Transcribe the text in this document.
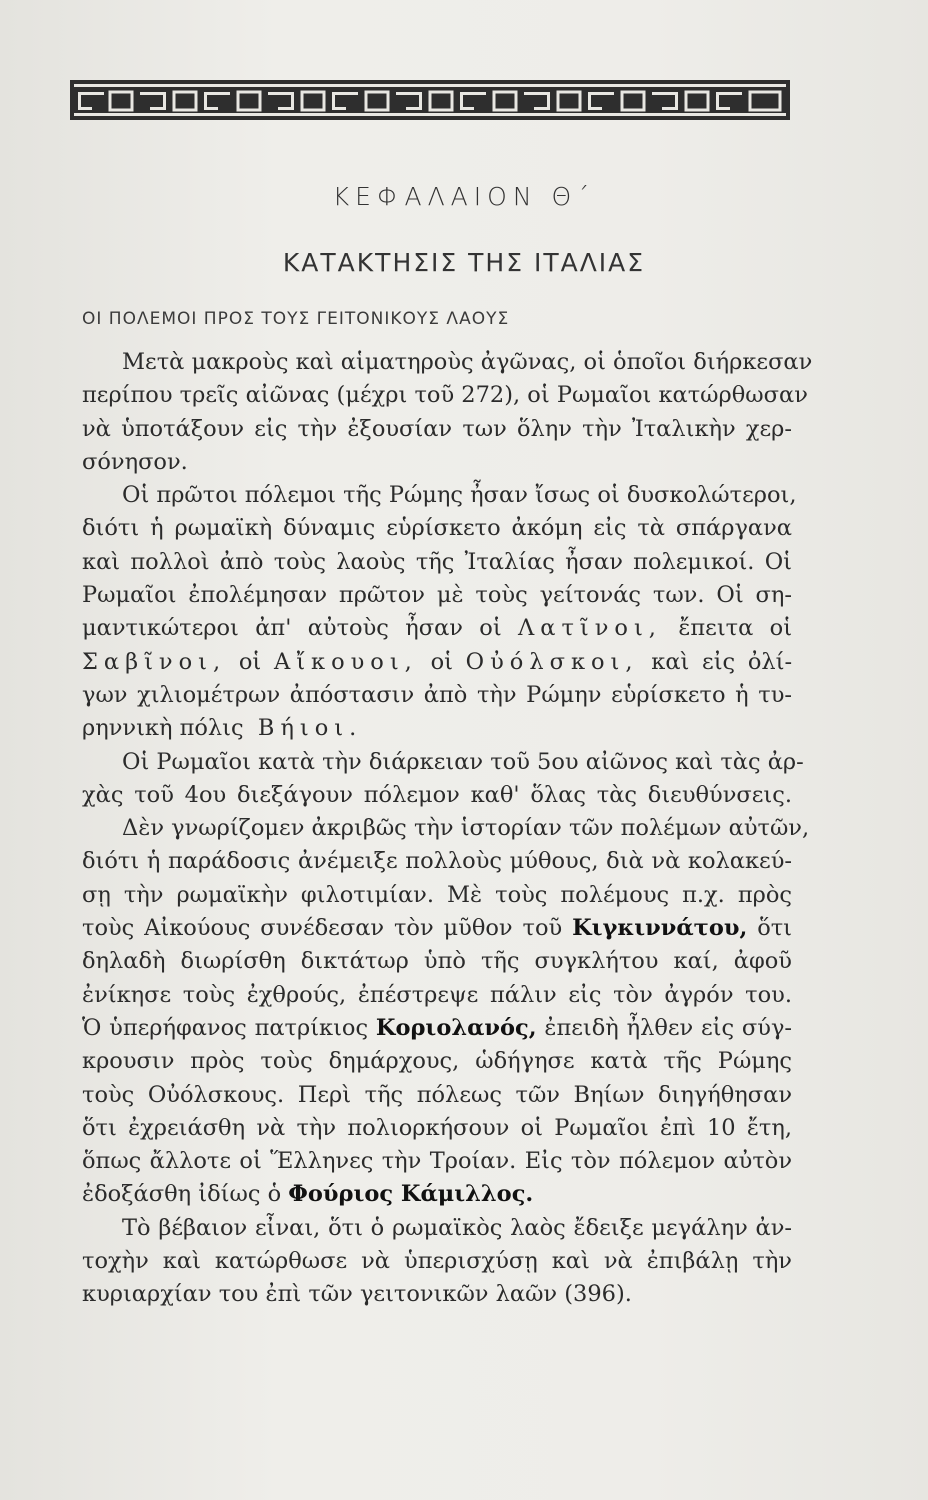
ΚΕΦΑΛΑΙΟΝ Θ΄
ΚΑΤΑΚΤΗΣΙΣ ΤΗΣ ΙΤΑΛΙΑΣ
ΟΙ ΠΟΛΕΜΟΙ ΠΡΟΣ ΤΟΥΣ ΓΕΙΤΟΝΙΚΟΥΣ ΛΑΟΥΣ
Μετὰ μακροὺς καὶ αἱματηροὺς ἀγῶνας, οἱ ὁποῖοι διήρκεσαν
περίπου τρεῖς αἰῶνας (μέχρι τοῦ 272), οἱ Ρωμαῖοι κατώρθωσαν
νὰ ὑποτάξουν εἰς τὴν ἐξουσίαν των ὅλην τὴν Ἰταλικὴν χερ-
σόνησον.
Οἱ πρῶτοι πόλεμοι τῆς Ρώμης ἦσαν ἴσως οἱ δυσκολώτεροι,
διότι ἡ ρωμαϊκὴ δύναμις εὑρίσκετο ἀκόμη εἰς τὰ σπάργανα
καὶ πολλοὶ ἀπὸ τοὺς λαοὺς τῆς Ἰταλίας ἦσαν πολεμικοί. Οἱ
Ρωμαῖοι ἐπολέμησαν πρῶτον μὲ τοὺς γείτονάς των. Οἱ ση-
μαντικώτεροι ἀπ' αὐτοὺς ἦσαν οἱ Λατῖνοι, ἔπειτα οἱ
Σαβῖνοι, οἱ Αἴκουοι, οἱ Οὐόλσκοι, καὶ εἰς ὀλί-
γων χιλιομέτρων ἀπόστασιν ἀπὸ τὴν Ρώμην εὑρίσκετο ἡ τυ-
ρηννικὴ πόλις Βήιοι.
Οἱ Ρωμαῖοι κατὰ τὴν διάρκειαν τοῦ 5ου αἰῶνος καὶ τὰς ἀρ-
χὰς τοῦ 4ου διεξάγουν πόλεμον καθ' ὅλας τὰς διευθύνσεις.
Δὲν γνωρίζομεν ἀκριβῶς τὴν ἱστορίαν τῶν πολέμων αὐτῶν,
διότι ἡ παράδοσις ἀνέμειξε πολλοὺς μύθους, διὰ νὰ κολακεύ-
σῃ τὴν ρωμαϊκὴν φιλοτιμίαν. Μὲ τοὺς πολέμους π.χ. πρὸς
τοὺς Αἰκούους συνέδεσαν τὸν μῦθον τοῦ Κιγκιννάτου, ὅτι
δηλαδὴ διωρίσθη δικτάτωρ ὑπὸ τῆς συγκλήτου καί, ἀφοῦ
ἐνίκησε τοὺς ἐχθρούς, ἐπέστρεψε πάλιν εἰς τὸν ἀγρόν του.
Ὁ ὑπερήφανος πατρίκιος Κοριολανός, ἐπειδὴ ἦλθεν εἰς σύγ-
κρουσιν πρὸς τοὺς δημάρχους, ὡδήγησε κατὰ τῆς Ρώμης
τοὺς Οὐόλσκους. Περὶ τῆς πόλεως τῶν Βηίων διηγήθησαν
ὅτι ἐχρειάσθη νὰ τὴν πολιορκήσουν οἱ Ρωμαῖοι ἐπὶ 10 ἔτη,
ὅπως ἄλλοτε οἱ Ἕλληνες τὴν Τροίαν. Εἰς τὸν πόλεμον αὐτὸν
ἐδοξάσθη ἰδίως ὁ Φούριος Κάμιλλος.
Τὸ βέβαιον εἶναι, ὅτι ὁ ρωμαϊκὸς λαὸς ἔδειξε μεγάλην ἀν-
τοχὴν καὶ κατώρθωσε νὰ ὑπερισχύσῃ καὶ νὰ ἐπιβάλῃ τὴν
κυριαρχίαν του ἐπὶ τῶν γειτονικῶν λαῶν (396).
